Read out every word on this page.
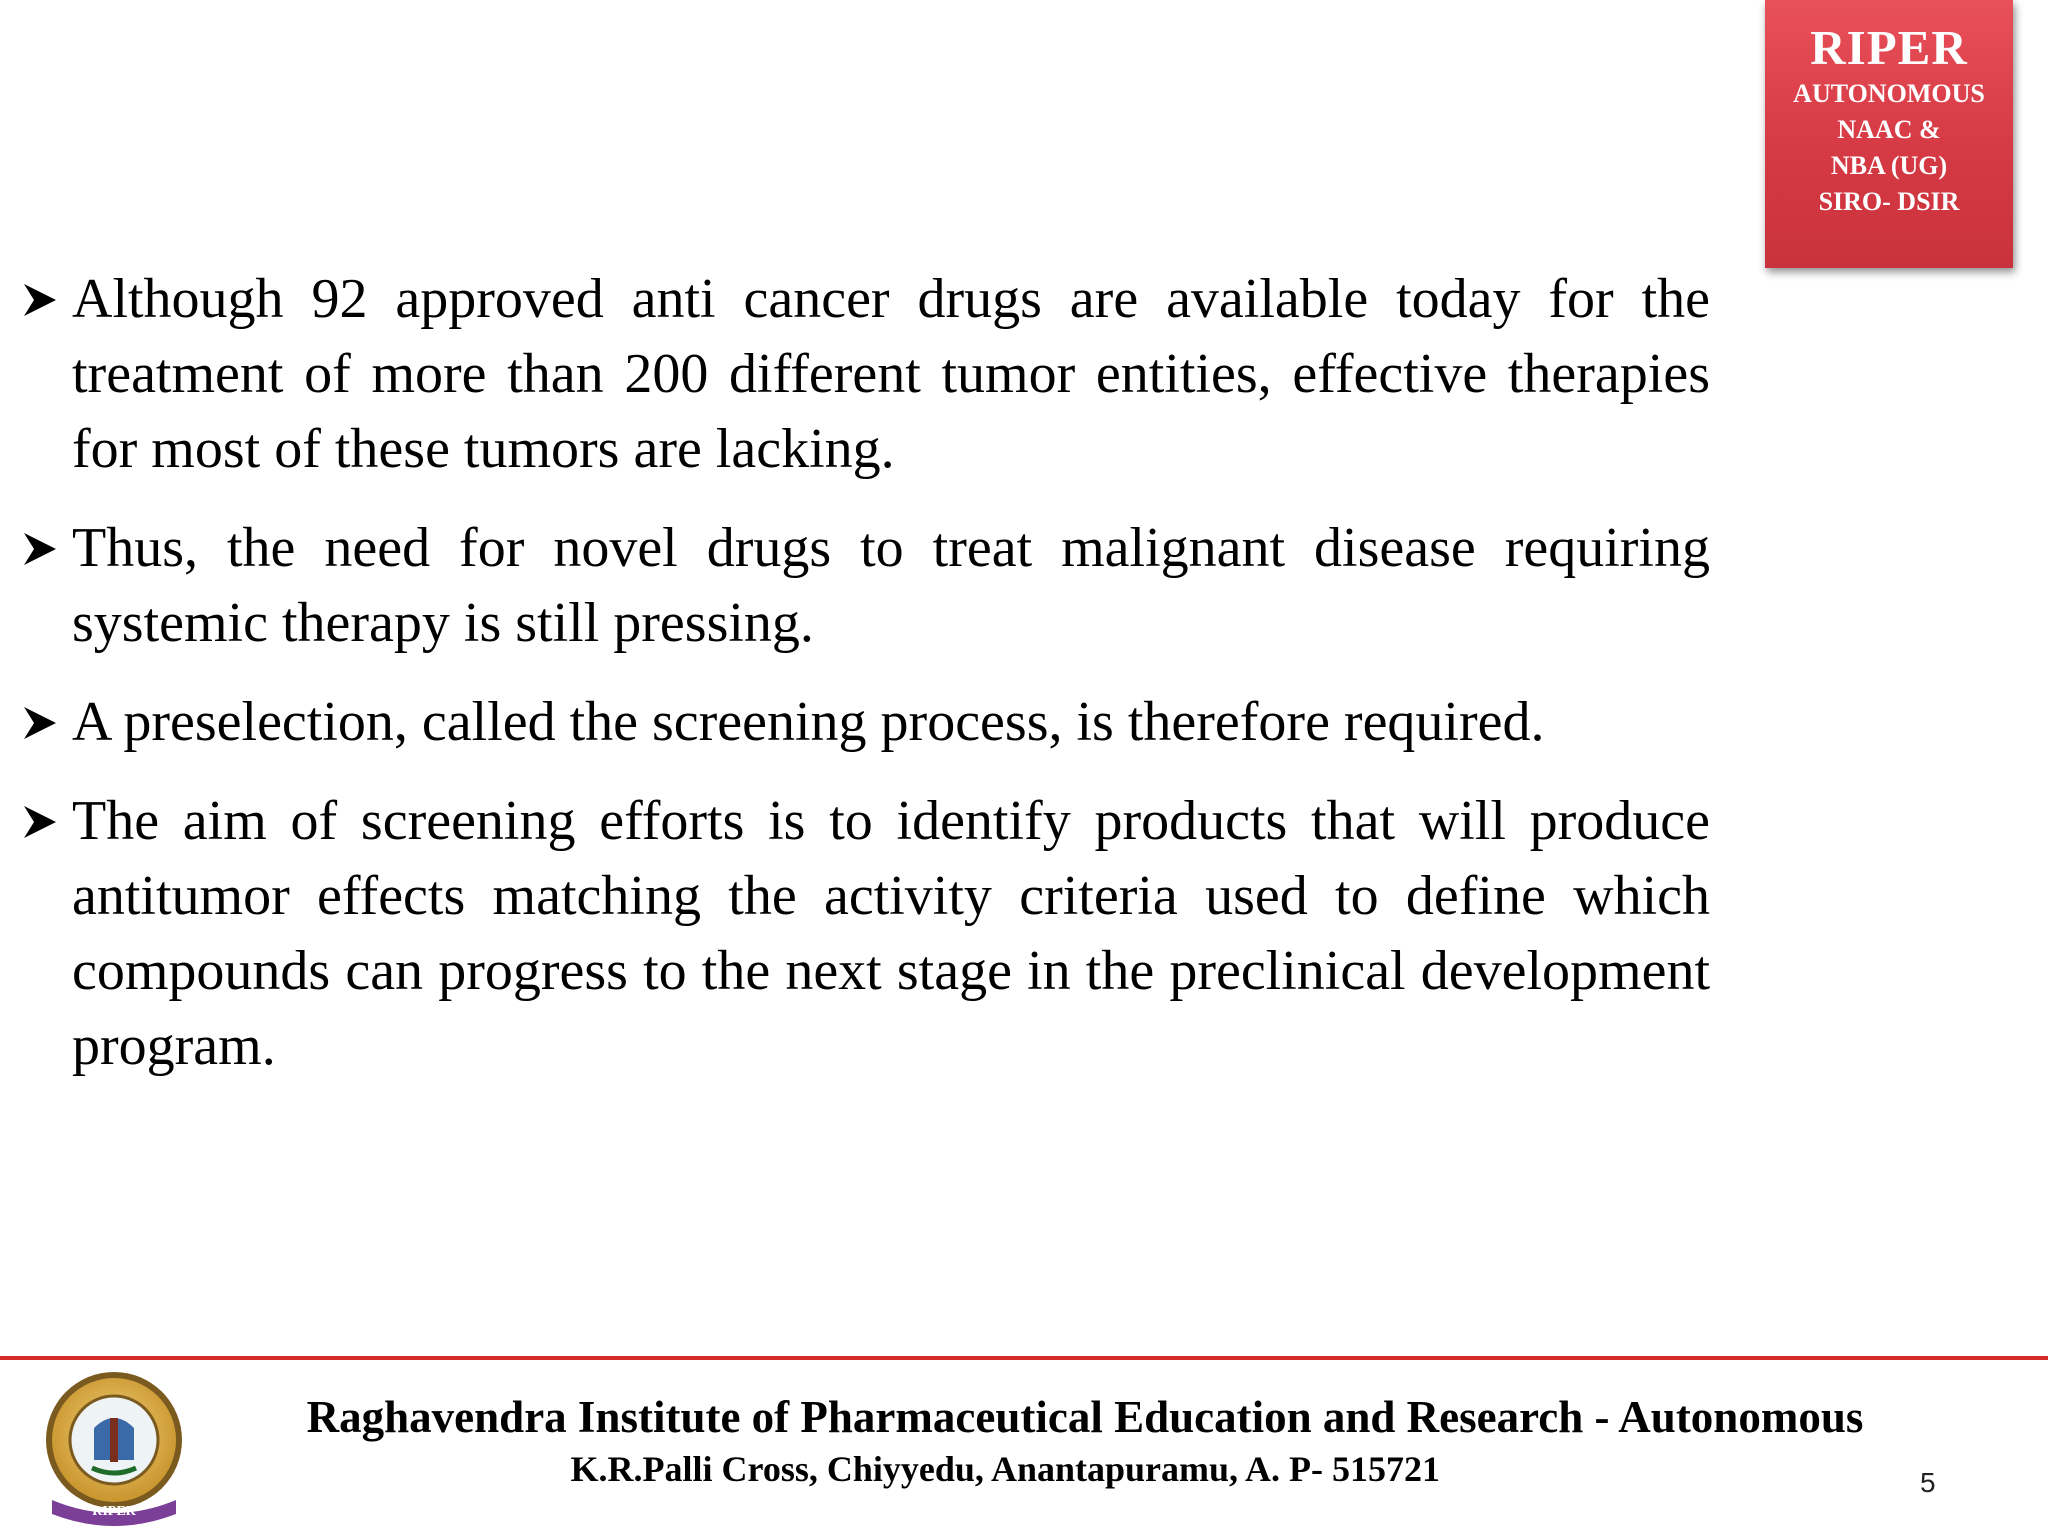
RIPER
AUTONOMOUS
NAAC &
NBA (UG)
SIRO- DSIR
Although 92 approved anti cancer drugs are available today for the treatment of more than 200 different tumor entities, effective therapies for most of these tumors are lacking.
Thus, the need for novel drugs to treat malignant disease requiring systemic therapy is still pressing.
A preselection, called the screening process, is therefore required.
The aim of screening efforts is to identify products that will produce antitumor effects matching the activity criteria used to define which compounds can progress to the next stage in the preclinical development program.
RIPER
Raghavendra Institute of Pharmaceutical Education and Research - Autonomous
K.R.Palli Cross, Chiyyedu, Anantapuramu, A. P- 515721	5
